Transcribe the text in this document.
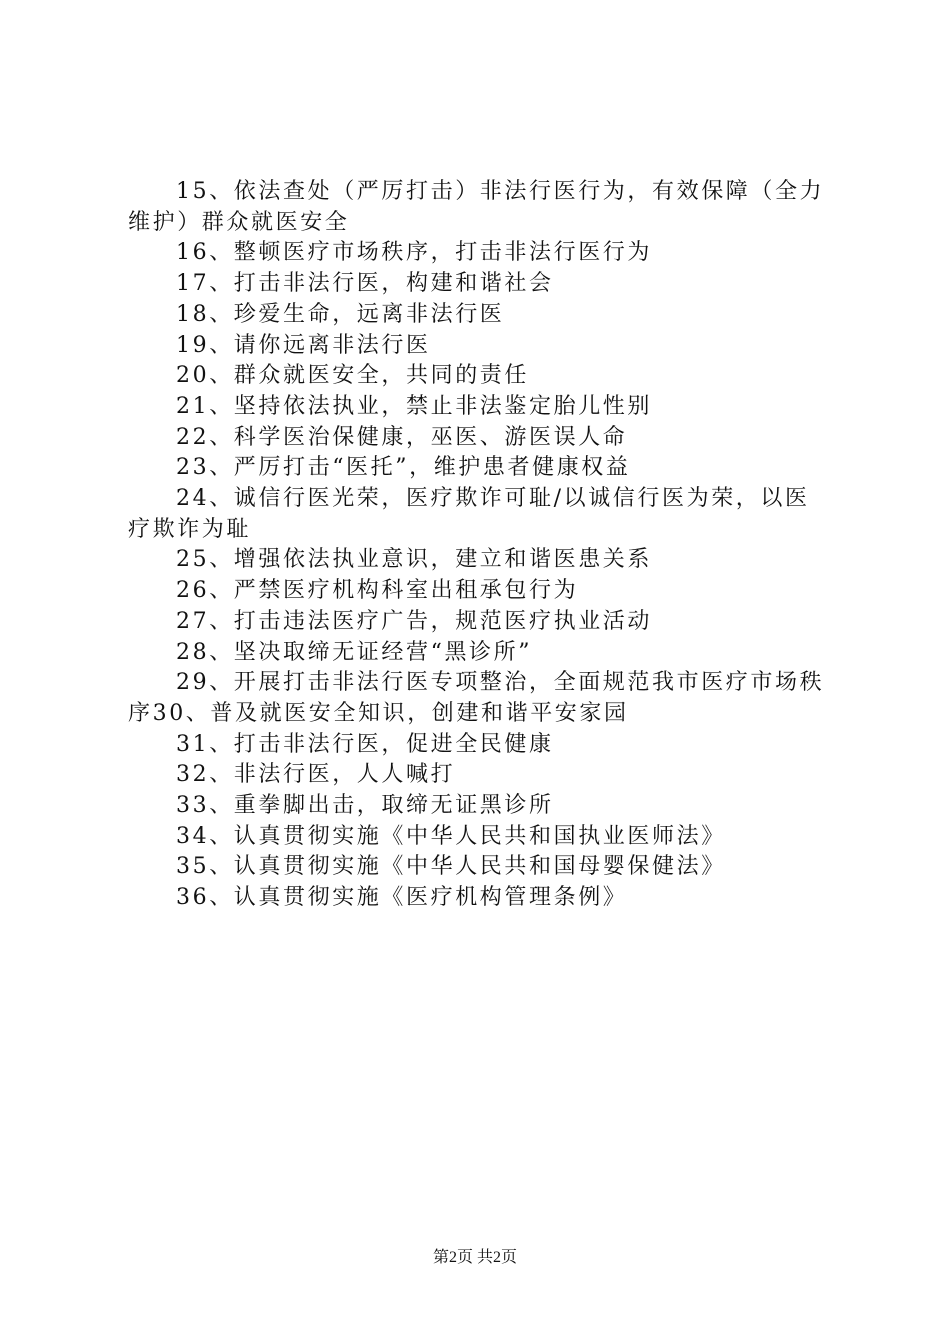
15、依法查处（严厉打击）非法行医行为，有效保障（全力维护）群众就医安全

16、整顿医疗市场秩序，打击非法行医行为

17、打击非法行医，构建和谐社会

18、珍爱生命，远离非法行医

19、请你远离非法行医

20、群众就医安全，共同的责任

21、坚持依法执业，禁止非法鉴定胎儿性别

22、科学医治保健康，巫医、游医误人命

23、严厉打击“医托”，维护患者健康权益

24、诚信行医光荣，医疗欺诈可耻/以诚信行医为荣，以医疗欺诈为耻

25、增强依法执业意识，建立和谐医患关系

26、严禁医疗机构科室出租承包行为

27、打击违法医疗广告，规范医疗执业活动

28、坚决取缔无证经营“黑诊所”

29、开展打击非法行医专项整治，全面规范我市医疗市场秩序30、普及就医安全知识，创建和谐平安家园

31、打击非法行医，促进全民健康

32、非法行医，人人喊打

33、重拳脚出击，取缔无证黑诊所

34、认真贯彻实施《中华人民共和国执业医师法》

35、认真贯彻实施《中华人民共和国母婴保健法》

36、认真贯彻实施《医疗机构管理条例》

第2页 共2页
